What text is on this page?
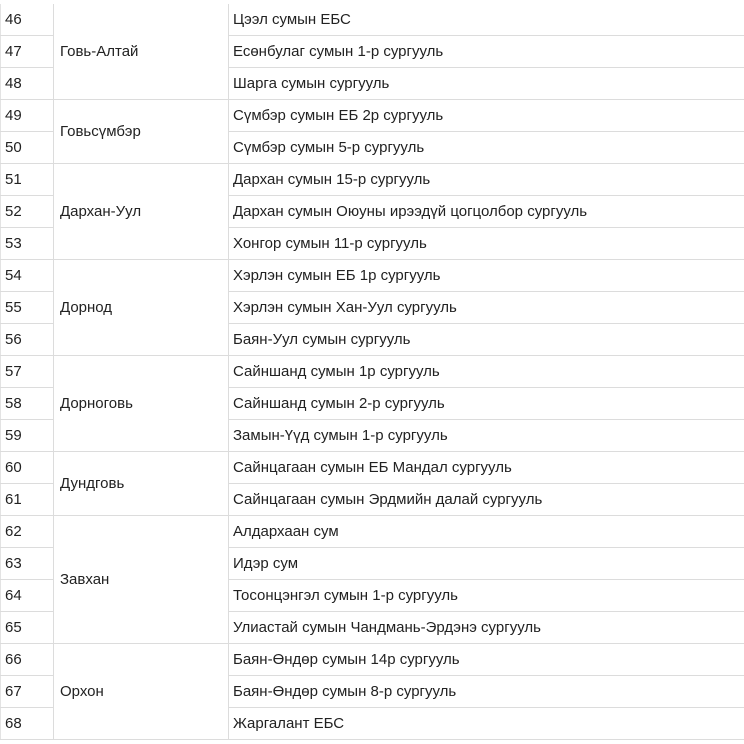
46	Говь-Алтай	Цээл сумын ЕБС
47		Есөнбулаг сумын 1-р сургууль
48		Шарга сумын сургууль
49	Говьсүмбэр	Сүмбэр сумын ЕБ 2р сургууль
50		Сүмбэр сумын 5-р сургууль
51	Дархан-Уул	Дархан сумын 15-р сургууль
52		Дархан сумын Оюуны ирээдүй цогцолбор сургууль
53		Хонгор сумын 11-р сургууль
54	Дорнод	Хэрлэн сумын ЕБ 1р сургууль
55		Хэрлэн сумын Хан-Уул сургууль
56		Баян-Уул сумын сургууль
57	Дорноговь	Сайншанд сумын 1р сургууль
58		Сайншанд сумын 2-р сургууль
59		Замын-Үүд сумын 1-р сургууль
60	Дундговь	Сайнцагаан сумын ЕБ Мандал сургууль
61		Сайнцагаан сумын Эрдмийн далай сургууль
62	Завхан	Алдархаан сум
63		Идэр сум
64		Тосонцэнгэл сумын 1-р сургууль
65		Улиастай сумын Чандмань-Эрдэнэ сургууль
66	Орхон	Баян-Өндөр сумын 14р сургууль
67		Баян-Өндөр сумын 8-р сургууль
68		Жаргалант ЕБС
